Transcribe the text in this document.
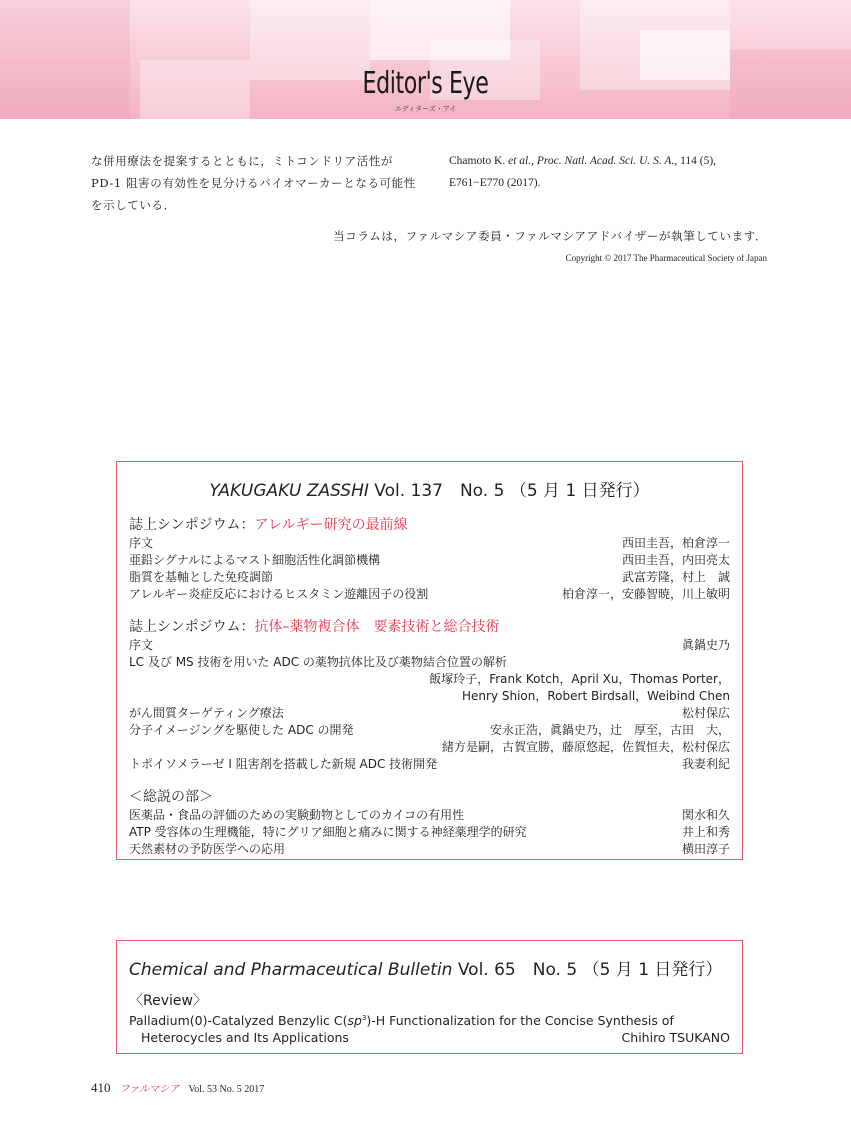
Editor's Eye
エディターズ・アイ
な併用療法を提案するとともに，ミトコンドリア活性が
PD-1 阻害の有効性を見分けるバイオマーカーとなる可能性
を示している．
Chamoto K. et al., Proc. Natl. Acad. Sci. U. S. A., 114 (5),
E761−E770 (2017).
当コラムは，ファルマシア委員・ファルマシアアドバイザーが執筆しています．
Copyright © 2017 The Pharmaceutical Society of Japan
YAKUGAKU ZASSHI Vol. 137　No. 5 （5 月 1 日発行）
誌上シンポジウム：アレルギー研究の最前線
序文	西田圭吾，柏倉淳一
亜鉛シグナルによるマスト細胞活性化調節機構	西田圭吾，内田亮太
脂質を基軸とした免疫調節	武富芳隆，村上　誠
アレルギー炎症反応におけるヒスタミン遊離因子の役割	柏倉淳一，安藤智暁，川上敏明
誌上シンポジウム：抗体–薬物複合体　要素技術と総合技術
序文	眞鍋史乃
LC 及び MS 技術を用いた ADC の薬物抗体比及び薬物結合位置の解析
飯塚玲子，Frank Kotch，April Xu，Thomas Porter，
Henry Shion，Robert Birdsall，Weibind Chen
がん間質ターゲティング療法	松村保広
分子イメージングを駆使した ADC の開発	安永正浩，眞鍋史乃，辻　厚至，古田　大，
緒方是嗣，古賀宣勝，藤原悠起，佐賀恒夫，松村保広
トポイソメラーゼ I 阻害剤を搭載した新規 ADC 技術開発	我妻利紀
＜総説の部＞
医薬品・食品の評価のための実験動物としてのカイコの有用性	関水和久
ATP 受容体の生理機能，特にグリア細胞と痛みに関する神経薬理学的研究	井上和秀
天然素材の予防医学への応用	横田淳子
Chemical and Pharmaceutical Bulletin Vol. 65　No. 5 （5 月 1 日発行）
〈Review〉
Palladium(0)-Catalyzed Benzylic $C(sp^3)-H$ Functionalization for the Concise Synthesis of
Heterocycles and Its Applications	Chihiro TSUKANO
410 ファルマシア Vol. 53 No. 5 2017
